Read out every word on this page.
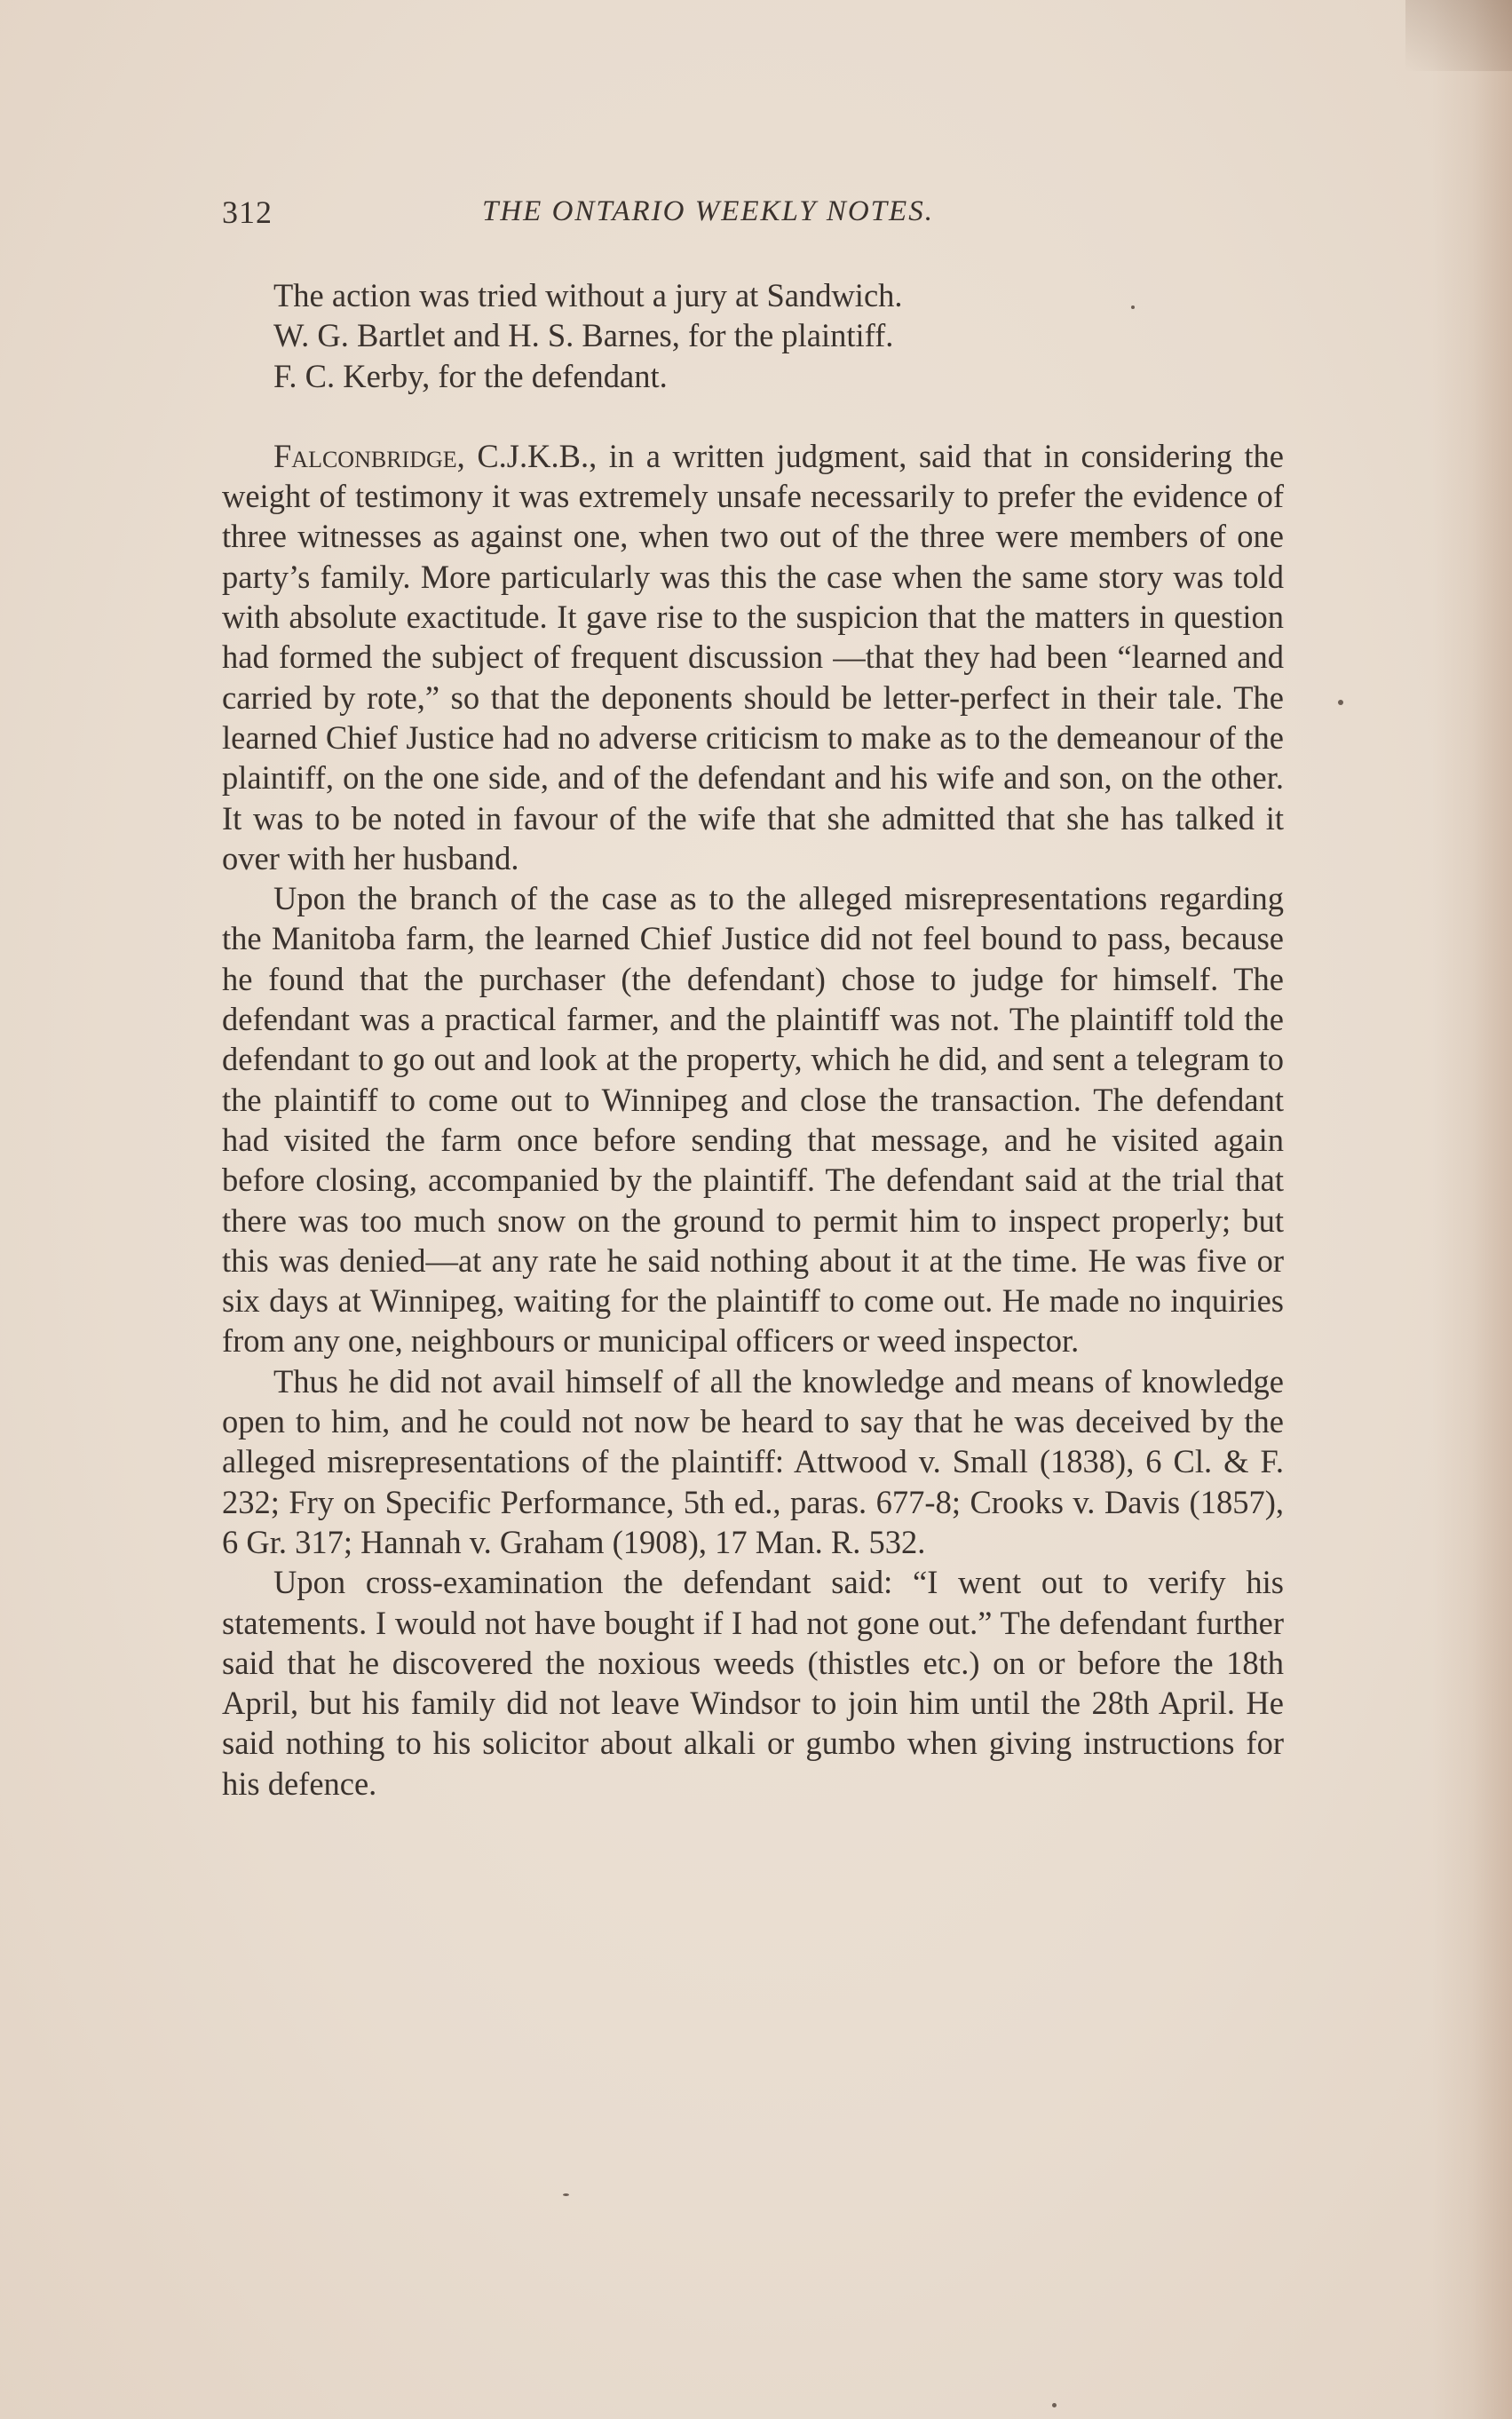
312	THE ONTARIO WEEKLY NOTES.

The action was tried without a jury at Sandwich.

W. G. Bartlet and H. S. Barnes, for the plaintiff.

F. C. Kerby, for the defendant.

Falconbridge, C.J.K.B., in a written judgment, said that in considering the weight of testimony it was extremely unsafe necessarily to prefer the evidence of three witnesses as against one, when two out of the three were members of one party’s family. More particularly was this the case when the same story was told with absolute exactitude. It gave rise to the suspicion that the matters in question had formed the subject of frequent discussion —that they had been “learned and carried by rote,” so that the deponents should be letter-perfect in their tale. The learned Chief Justice had no adverse criticism to make as to the demeanour of the plaintiff, on the one side, and of the defendant and his wife and son, on the other. It was to be noted in favour of the wife that she admitted that she has talked it over with her husband.

Upon the branch of the case as to the alleged misrepresentations regarding the Manitoba farm, the learned Chief Justice did not feel bound to pass, because he found that the purchaser (the defendant) chose to judge for himself. The defendant was a practical farmer, and the plaintiff was not. The plaintiff told the defendant to go out and look at the property, which he did, and sent a telegram to the plaintiff to come out to Winnipeg and close the transaction. The defendant had visited the farm once before sending that message, and he visited again before closing, accompanied by the plaintiff. The defendant said at the trial that there was too much snow on the ground to permit him to inspect properly; but this was denied—at any rate he said nothing about it at the time. He was five or six days at Winnipeg, waiting for the plaintiff to come out. He made no inquiries from any one, neighbours or municipal officers or weed inspector.

Thus he did not avail himself of all the knowledge and means of knowledge open to him, and he could not now be heard to say that he was deceived by the alleged misrepresentations of the plaintiff: Attwood v. Small (1838), 6 Cl. & F. 232; Fry on Specific Performance, 5th ed., paras. 677-8; Crooks v. Davis (1857), 6 Gr. 317; Hannah v. Graham (1908), 17 Man. R. 532.

Upon cross-examination the defendant said: “I went out to verify his statements. I would not have bought if I had not gone out.” The defendant further said that he discovered the noxious weeds (thistles etc.) on or before the 18th April, but his family did not leave Windsor to join him until the 28th April. He said nothing to his solicitor about alkali or gumbo when giving instructions for his defence.
